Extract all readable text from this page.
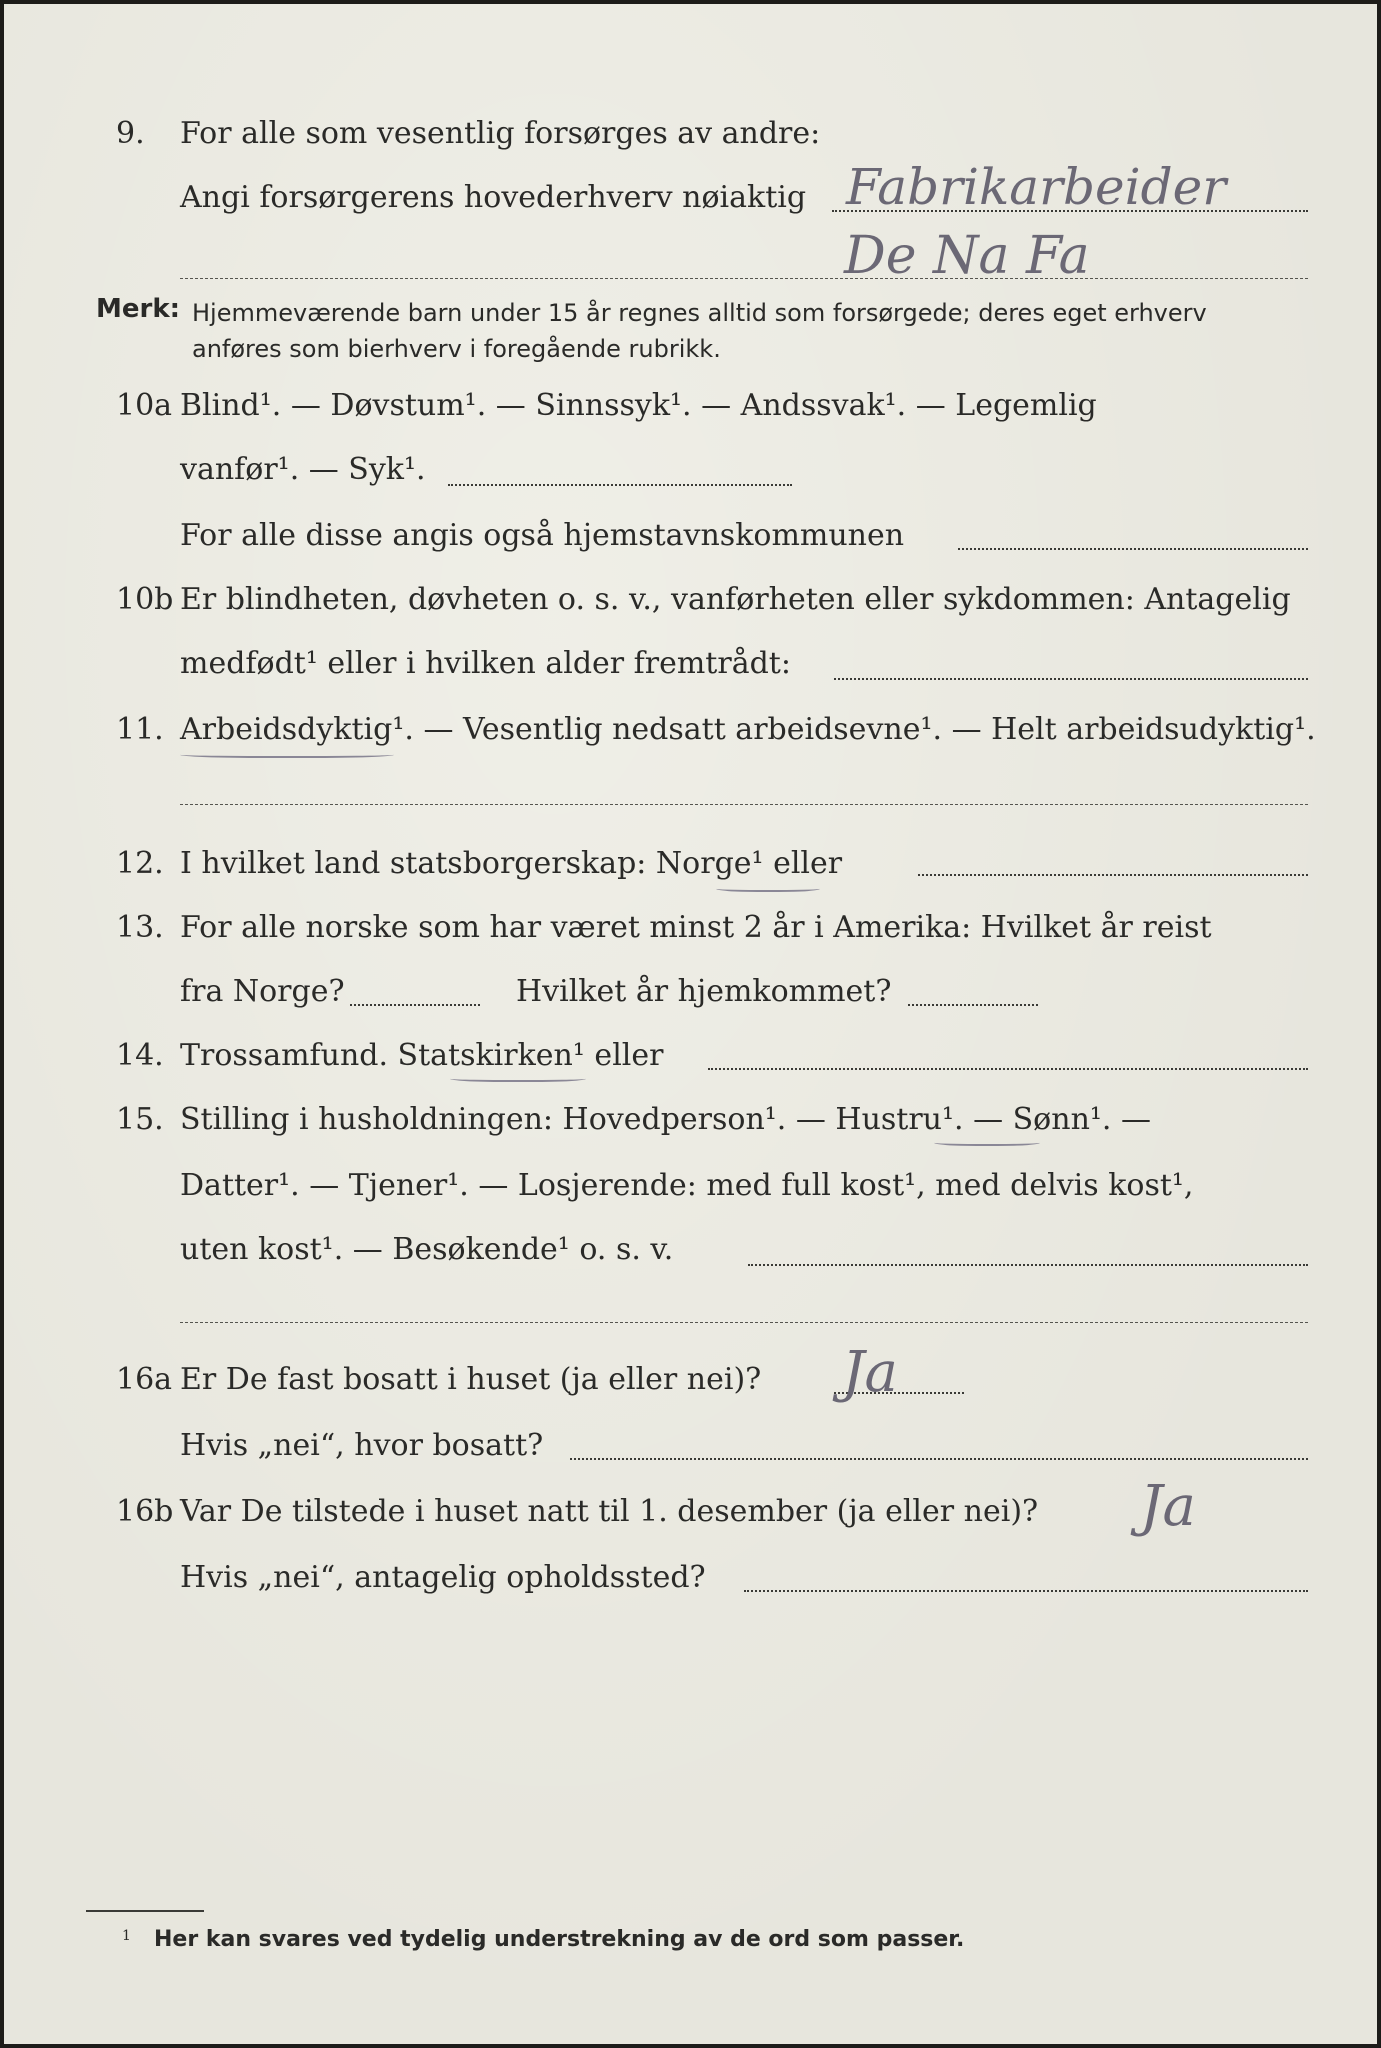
9. For alle som vesentlig forsørges av andre:
Angi forsørgerens hovederhverv nøiaktig Fabrikarbeider
De Na Fa
Merk: Hjemmeværende barn under 15 år regnes alltid som forsørgede; deres eget erhverv
anføres som bierhverv i foregående rubrikk.
10a Blind¹. — Døvstum¹. — Sinnssyk¹. — Andssvak¹. — Legemlig
vanfør¹. — Syk¹.
For alle disse angis også hjemstavnskommunen
10b Er blindheten, døvheten o. s. v., vanførheten eller sykdommen: Antagelig
medfødt¹ eller i hvilken alder fremtrådt:
11. Arbeidsdyktig¹. — Vesentlig nedsatt arbeidsevne¹. — Helt arbeidsudyktig¹.
12. I hvilket land statsborgerskap: Norge¹ eller
13. For alle norske som har været minst 2 år i Amerika: Hvilket år reist
fra Norge?	Hvilket år hjemkommet?
14. Trossamfund. Statskirken¹ eller
15. Stilling i husholdningen: Hovedperson¹. — Hustru¹. — Sønn¹. —
Datter¹. — Tjener¹. — Losjerende: med full kost¹, med delvis kost¹,
uten kost¹. — Besøkende¹ o. s. v.
16a Er De fast bosatt i huset (ja eller nei)? Ja
Hvis „nei“, hvor bosatt?
16b Var De tilstede i huset natt til 1. desember (ja eller nei)? Ja
Hvis „nei“, antagelig opholdssted?
1 Her kan svares ved tydelig understrekning av de ord som passer.
